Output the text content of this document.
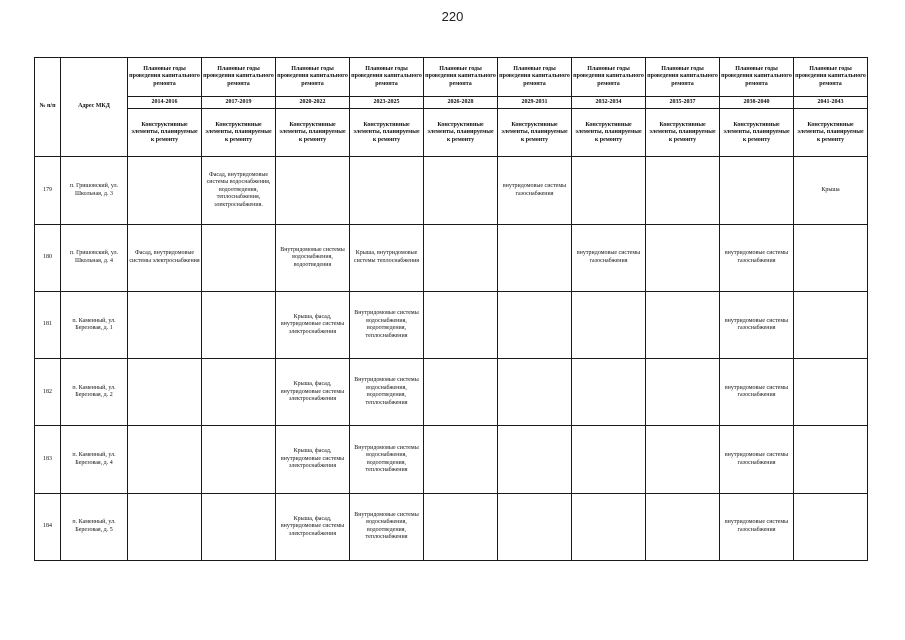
220
№ п/п	Адрес МКД	Плановые годы проведения капитального ремонта	Плановые годы проведения капитального ремонта	Плановые годы проведения капитального ремонта	Плановые годы проведения капитального ремонта	Плановые годы проведения капитального ремонта	Плановые годы проведения капитального ремонта	Плановые годы проведения капитального ремонта	Плановые годы проведения капитального ремонта	Плановые годы проведения капитального ремонта	Плановые годы проведения капитального ремонта
		2014-2016	2017-2019	2020-2022	2023-2025	2026-2028	2029-2031	2032-2034	2035-2037	2038-2040	2041-2043
		Конструктивные элементы, планируемые к ремонту	Конструктивные элементы, планируемые к ремонту	Конструктивные элементы, планируемые к ремонту	Конструктивные элементы, планируемые к ремонту	Конструктивные элементы, планируемые к ремонту	Конструктивные элементы, планируемые к ремонту	Конструктивные элементы, планируемые к ремонту	Конструктивные элементы, планируемые к ремонту	Конструктивные элементы, планируемые к ремонту	Конструктивные элементы, планируемые к ремонту
179	п. Гришовский, ул. Школьная, д. 3		Фасад, внутридомовые системы водоснабжения, водоотведения, теплоснабжения, электроснабжения.				внутридомовые системы газоснабжения				Крыша
180	п. Гришовский, ул. Школьная, д. 4	Фасад, внутридомовые системы электроснабжения		Внутридомовые системы водоснабжения, водоотведения	Крыша, внутридомовые системы теплоснабжения			внутридомовые системы газоснабжения		внутридомовые системы газоснабжения	
181	п. Каменный, ул. Березовая, д. 1			Крыша, фасад, внутридомовые системы электроснабжения	Внутридомовые системы водоснабжения, водоотведения, теплоснабжения					внутридомовые системы газоснабжения	
182	п. Каменный, ул. Березовая, д. 2			Крыша, фасад, внутридомовые системы электроснабжения	Внутридомовые системы водоснабжения, водоотведения, теплоснабжения					внутридомовые системы газоснабжения	
183	п. Каменный, ул. Березовая, д. 4			Крыша, фасад, внутридомовые системы электроснабжения	Внутридомовые системы водоснабжения, водоотведения, теплоснабжения					внутридомовые системы газоснабжения	
184	п. Каменный, ул. Березовая, д. 5			Крыша, фасад, внутридомовые системы электроснабжения	Внутридомовые системы водоснабжения, водоотведения, теплоснабжения					внутридомовые системы газоснабжения	
